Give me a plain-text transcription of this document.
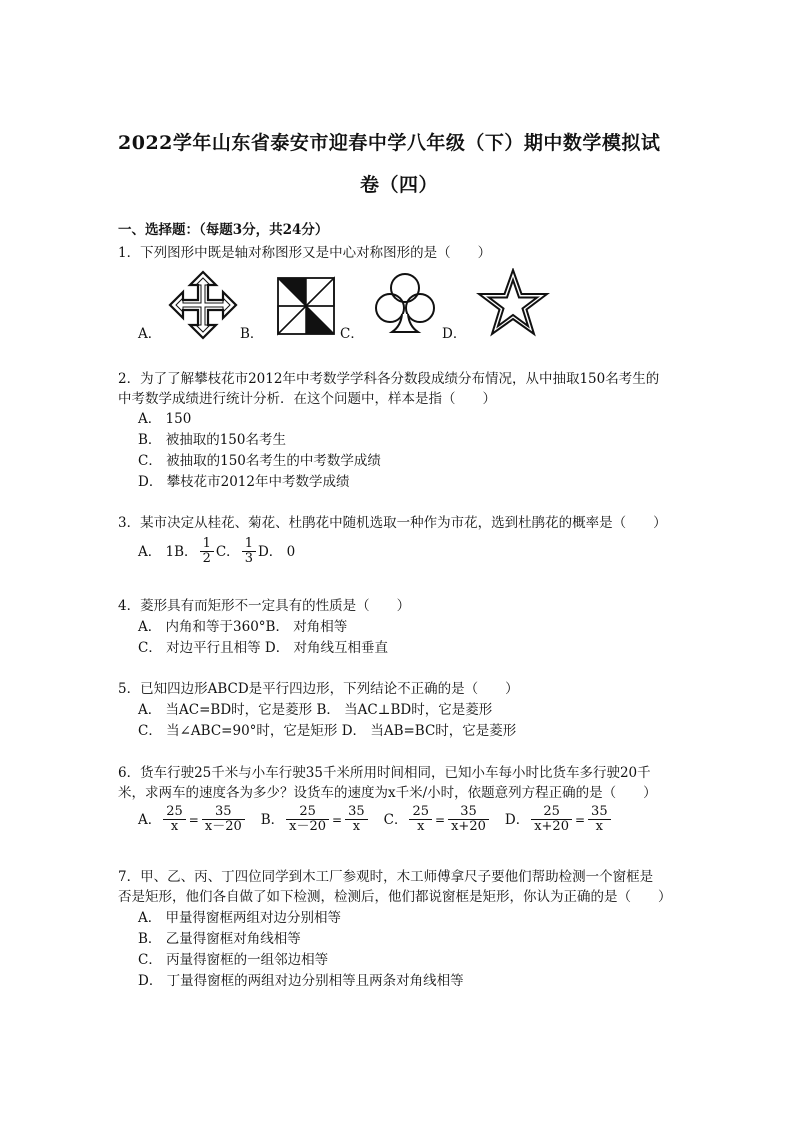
2022学年山东省泰安市迎春中学八年级（下）期中数学模拟试
卷（四）
一、选择题：（每题3分，共24分）
1．下列图形中既是轴对称图形又是中心对称图形的是（　　）
A．	B．	C．	D．
2．为了了解攀枝花市2012年中考数学学科各分数段成绩分布情况，从中抽取150名考生的
中考数学成绩进行统计分析．在这个问题中，样本是指（　　）
A． 150
B． 被抽取的150名考生
C． 被抽取的150名考生的中考数学成绩
D． 攀枝花市2012年中考数学成绩
3．某市决定从桂花、菊花、杜鹃花中随机选取一种作为市花，选到杜鹃花的概率是（　　）
A． 1 B． $\frac{1}{2}$ C． $\frac{1}{3}$ D． 0
4．菱形具有而矩形不一定具有的性质是（　　）
A． 内角和等于360°B． 对角相等
C． 对边平行且相等 D． 对角线互相垂直
5．已知四边形ABCD是平行四边形，下列结论不正确的是（　　）
A． 当AC=BD时，它是菱形 B． 当AC⊥BD时，它是菱形
C． 当∠ABC=90°时，它是矩形 D． 当AB=BC时，它是菱形
6．货车行驶25千米与小车行驶35千米所用时间相同，已知小车每小时比货车多行驶20千
米，求两车的速度各为多少？设货车的速度为x千米/小时，依题意列方程正确的是（　　）
A． $\frac{25}{x} = \frac{35}{x-20}$ B． $\frac{25}{x-20} = \frac{35}{x}$ C． $\frac{25}{x} = \frac{35}{x+20}$ D． $\frac{25}{x+20} = \frac{35}{x}$
7．甲、乙、丙、丁四位同学到木工厂参观时，木工师傅拿尺子要他们帮助检测一个窗框是
否是矩形，他们各自做了如下检测，检测后，他们都说窗框是矩形，你认为正确的是（　　）
A． 甲量得窗框两组对边分别相等
B． 乙量得窗框对角线相等
C． 丙量得窗框的一组邻边相等
D． 丁量得窗框的两组对边分别相等且两条对角线相等
